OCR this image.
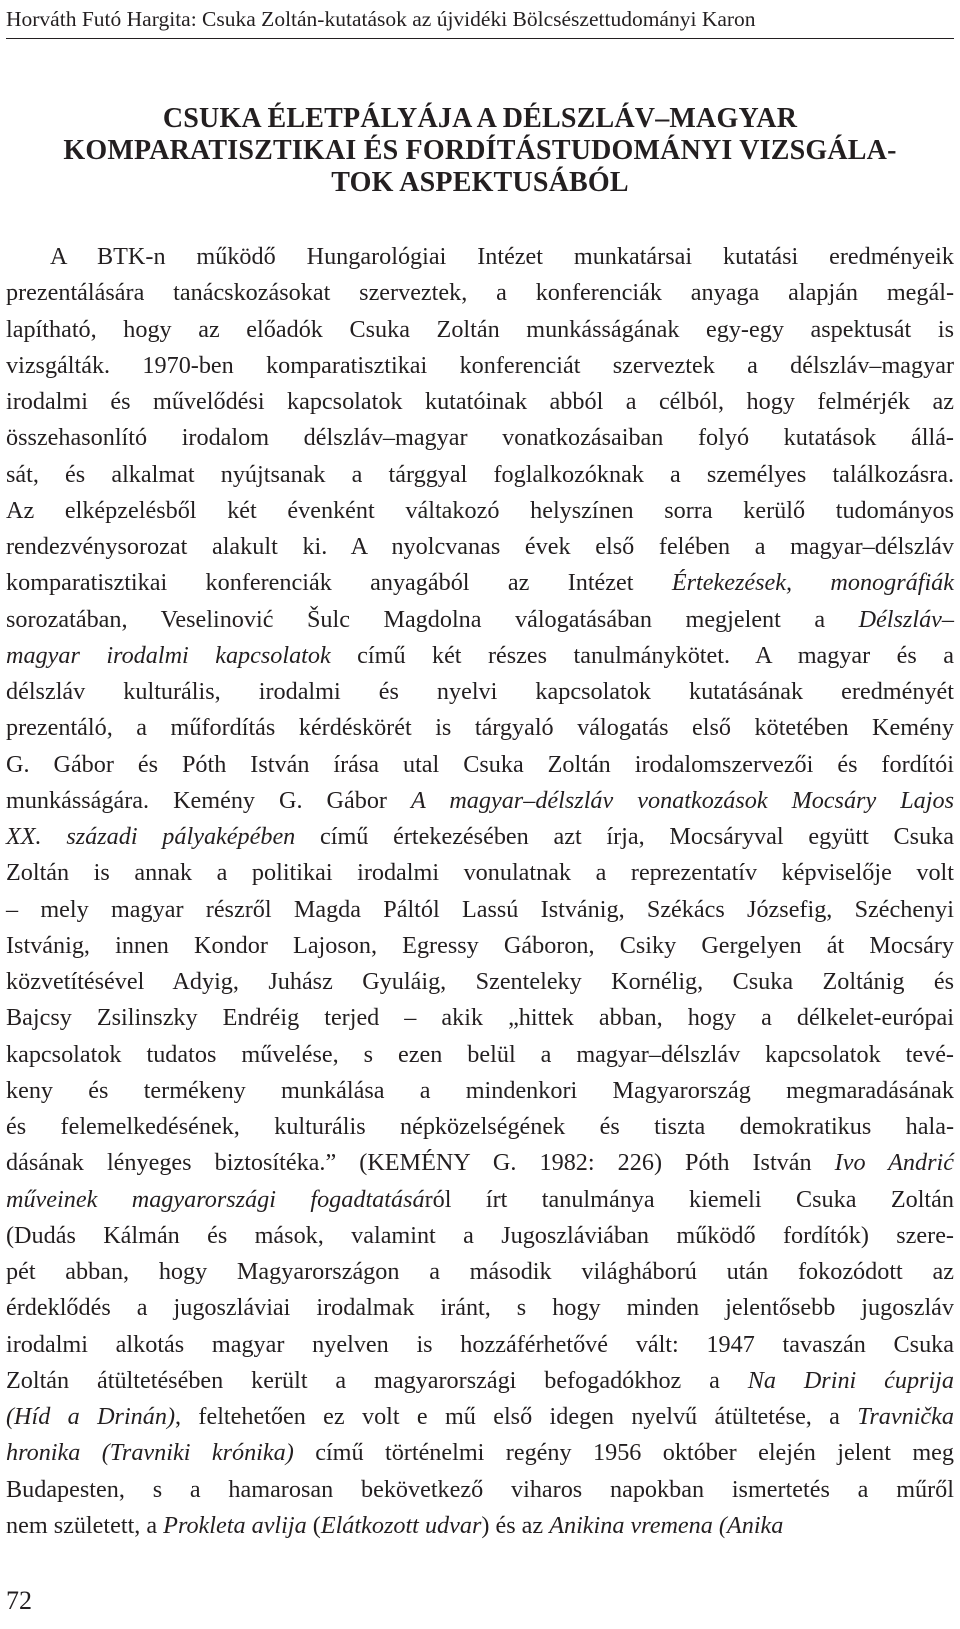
Horváth Futó Hargita: Csuka Zoltán-kutatások az újvidéki Bölcsészettudományi Karon
CSUKA ÉLETPÁLYÁJA A DÉLSZLÁV–MAGYAR
KOMPARATISZTIKAI ÉS FORDÍTÁSTUDOMÁNYI VIZSGÁLA-
TOK ASPEKTUSÁBÓL
A BTK-n működő Hungarológiai Intézet munkatársai kutatási eredményeik
prezentálására tanácskozásokat szerveztek, a konferenciák anyaga alapján megál-
lapítható, hogy az előadók Csuka Zoltán munkásságának egy-egy aspektusát is
vizsgálták. 1970-ben komparatisztikai konferenciát szerveztek a délszláv–magyar
irodalmi és művelődési kapcsolatok kutatóinak abból a célból, hogy felmérjék az
összehasonlító irodalom délszláv–magyar vonatkozásaiban folyó kutatások állá-
sát, és alkalmat nyújtsanak a tárggyal foglalkozóknak a személyes találkozásra.
Az elképzelésből két évenként váltakozó helyszínen sorra kerülő tudományos
rendezvénysorozat alakult ki. A nyolcvanas évek első felében a magyar–délszláv
komparatisztikai konferenciák anyagából az Intézet Értekezések, monográfiák
sorozatában, Veselinović Šulc Magdolna válogatásában megjelent a Délszláv–
magyar irodalmi kapcsolatok című két részes tanulmánykötet. A magyar és a
délszláv kulturális, irodalmi és nyelvi kapcsolatok kutatásának eredményét
prezentáló, a műfordítás kérdéskörét is tárgyaló válogatás első kötetében Kemény
G. Gábor és Póth István írása utal Csuka Zoltán irodalomszervezői és fordítói
munkásságára. Kemény G. Gábor A magyar–délszláv vonatkozások Mocsáry Lajos
XX. századi pályaképében című értekezésében azt írja, Mocsáryval együtt Csuka
Zoltán is annak a politikai irodalmi vonulatnak a reprezentatív képviselője volt
– mely magyar részről Magda Páltól Lassú Istvánig, Székács Józsefig, Széchenyi
Istvánig, innen Kondor Lajoson, Egressy Gáboron, Csiky Gergelyen át Mocsáry
közvetítésével Adyig, Juhász Gyuláig, Szenteleky Kornélig, Csuka Zoltánig és
Bajcsy Zsilinszky Endréig terjed – akik „hittek abban, hogy a délkelet-európai
kapcsolatok tudatos művelése, s ezen belül a magyar–délszláv kapcsolatok tevé-
keny és termékeny munkálása a mindenkori Magyarország megmaradásának
és felemelkedésének, kulturális népközelségének és tiszta demokratikus hala-
dásának lényeges biztosítéka.” (KEMÉNY G. 1982: 226) Póth István Ivo Andrić
műveinek magyarországi fogadtatásáról írt tanulmánya kiemeli Csuka Zoltán
(Dudás Kálmán és mások, valamint a Jugoszláviában működő fordítók) szere-
pét abban, hogy Magyarországon a második világháború után fokozódott az
érdeklődés a jugoszláviai irodalmak iránt, s hogy minden jelentősebb jugoszláv
irodalmi alkotás magyar nyelven is hozzáférhetővé vált: 1947 tavaszán Csuka
Zoltán átültetésében került a magyarországi befogadókhoz a Na Drini ćuprija
(Híd a Drinán), feltehetően ez volt e mű első idegen nyelvű átültetése, a Travnička
hronika (Travniki krónika) című történelmi regény 1956 október elején jelent meg
Budapesten, s a hamarosan bekövetkező viharos napokban ismertetés a műről
nem született, a Prokleta avlija (Elátkozott udvar) és az Anikina vremena (Anika
72
